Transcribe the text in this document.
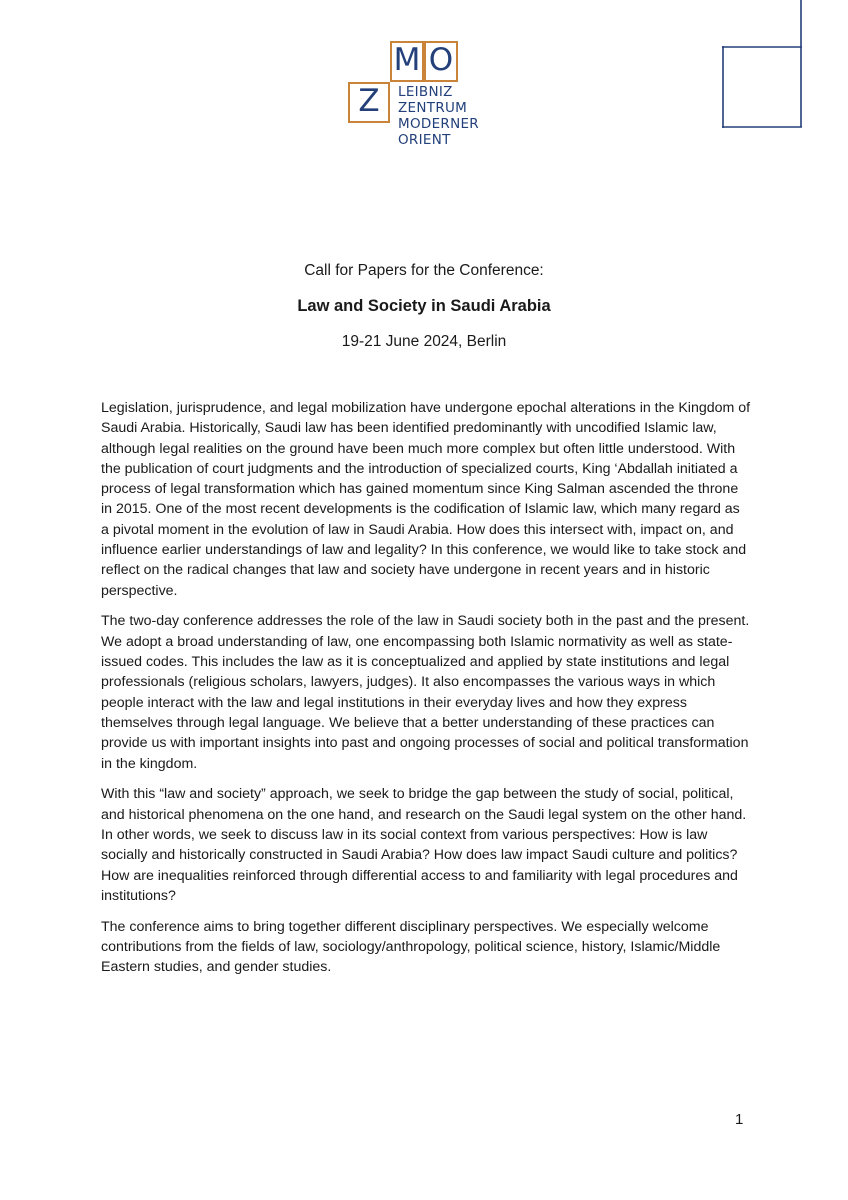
M O
Z	LEIBNIZ
ZENTRUM
MODERNER
ORIENT
Call for Papers for the Conference:
Law and Society in Saudi Arabia
19-21 June 2024, Berlin

Legislation, jurisprudence, and legal mobilization have undergone epochal alterations in the Kingdom of Saudi Arabia. Historically, Saudi law has been identified predominantly with uncodified Islamic law, although legal realities on the ground have been much more complex but often little understood. With the publication of court judgments and the introduction of specialized courts, King ‘Abdallah initiated a process of legal transformation which has gained momentum since King Salman ascended the throne in 2015. One of the most recent developments is the codification of Islamic law, which many regard as a pivotal moment in the evolution of law in Saudi Arabia. How does this intersect with, impact on, and influence earlier understandings of law and legality? In this conference, we would like to take stock and reflect on the radical changes that law and society have undergone in recent years and in historic perspective.

The two-day conference addresses the role of the law in Saudi society both in the past and the present. We adopt a broad understanding of law, one encompassing both Islamic normativity as well as state-issued codes. This includes the law as it is conceptualized and applied by state institutions and legal professionals (religious scholars, lawyers, judges). It also encompasses the various ways in which people interact with the law and legal institutions in their everyday lives and how they express themselves through legal language. We believe that a better understanding of these practices can provide us with important insights into past and ongoing processes of social and political transformation in the kingdom.

With this “law and society” approach, we seek to bridge the gap between the study of social, political, and historical phenomena on the one hand, and research on the Saudi legal system on the other hand. In other words, we seek to discuss law in its social context from various perspectives: How is law socially and historically constructed in Saudi Arabia? How does law impact Saudi culture and politics? How are inequalities reinforced through differential access to and familiarity with legal procedures and institutions?

The conference aims to bring together different disciplinary perspectives. We especially welcome contributions from the fields of law, sociology/anthropology, political science, history, Islamic/Middle Eastern studies, and gender studies.

1
